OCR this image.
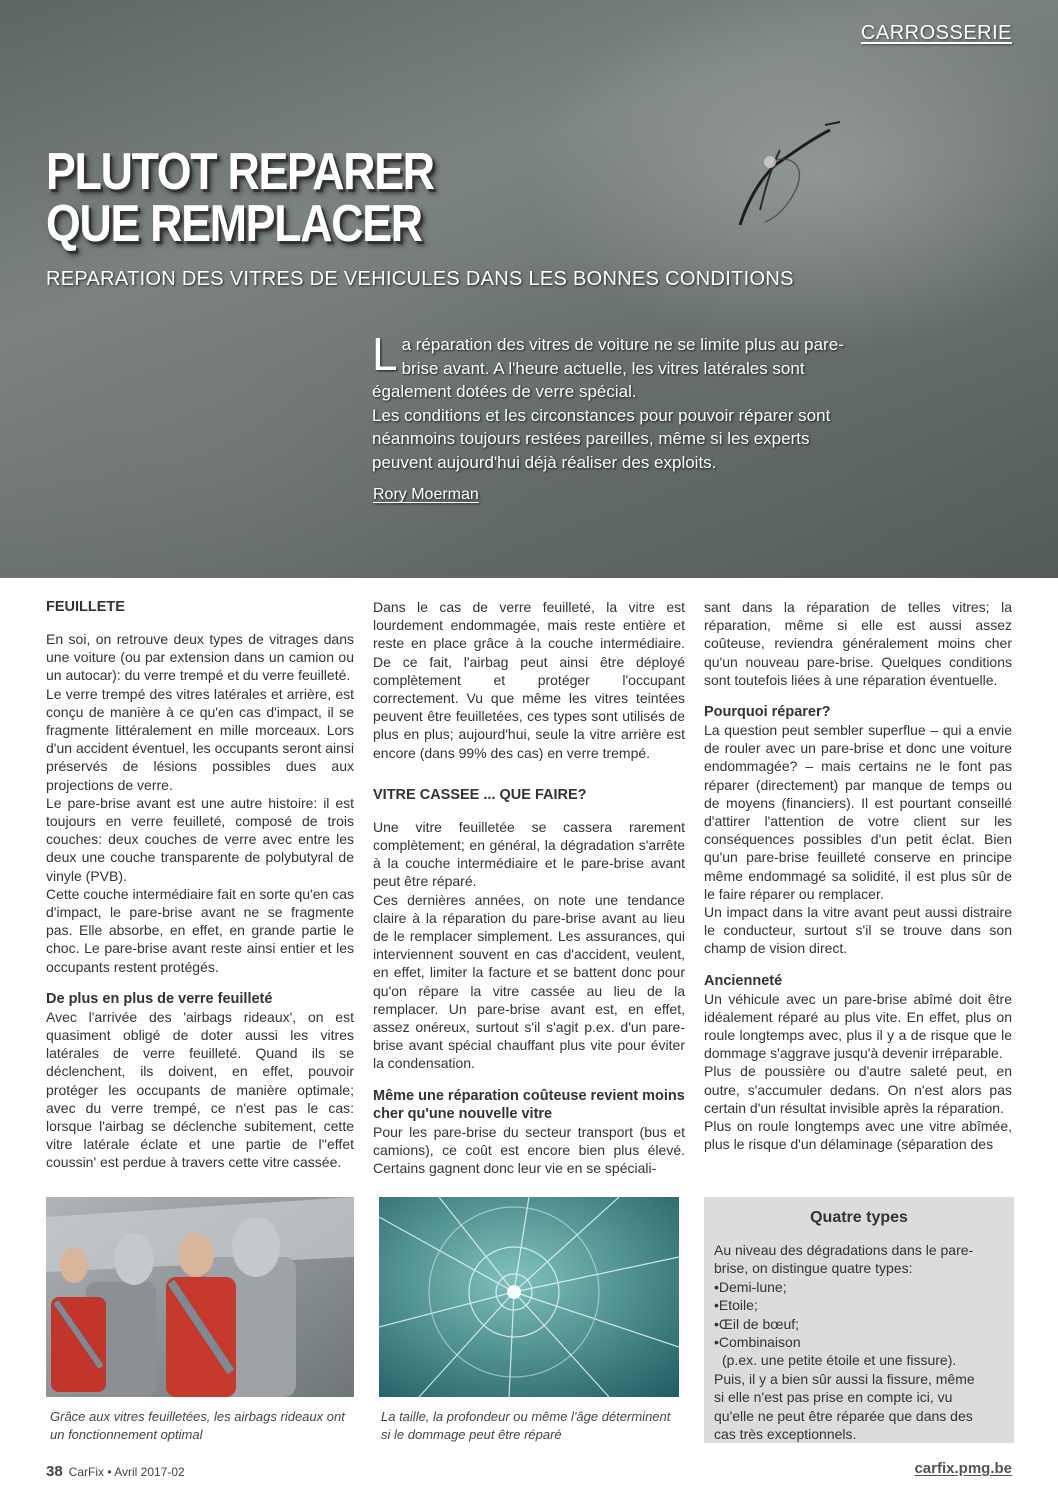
CARROSSERIE
PLUTOT REPARER
QUE REMPLACER
REPARATION DES VITRES DE VEHICULES DANS LES BONNES CONDITIONS
L a réparation des vitres de voiture ne se limite plus au pare-brise avant. A l'heure actuelle, les vitres latérales sont également dotées de verre spécial.

Les conditions et les circonstances pour pouvoir réparer sont néanmoins toujours restées pareilles, même si les experts peuvent aujourd'hui déjà réaliser des exploits.

Rory Moerman
FEUILLETE

En soi, on retrouve deux types de vitrages dans une voiture (ou par extension dans un camion ou un autocar): du verre trempé et du verre feuilleté.

Le verre trempé des vitres latérales et arrière, est conçu de manière à ce qu'en cas d'impact, il se fragmente littéralement en mille morceaux. Lors d'un accident éventuel, les occupants seront ainsi préservés de lésions possibles dues aux projections de verre.

Le pare-brise avant est une autre histoire: il est toujours en verre feuilleté, composé de trois couches: deux couches de verre avec entre les deux une couche transparente de polybutyral de vinyle (PVB).

Cette couche intermédiaire fait en sorte qu'en cas d'impact, le pare-brise avant ne se fragmente pas. Elle absorbe, en effet, en grande partie le choc. Le pare-brise avant reste ainsi entier et les occupants restent protégés.

De plus en plus de verre feuilleté

Avec l'arrivée des 'airbags rideaux', on est quasiment obligé de doter aussi les vitres latérales de verre feuilleté. Quand ils se déclenchent, ils doivent, en effet, pouvoir protéger les occupants de manière optimale; avec du verre trempé, ce n'est pas le cas: lorsque l'airbag se déclenche subitement, cette vitre latérale éclate et une partie de l''effet coussin' est perdue à travers cette vitre cassée.

Dans le cas de verre feuilleté, la vitre est lourdement endommagée, mais reste entière et reste en place grâce à la couche intermédiaire. De ce fait, l'airbag peut ainsi être déployé complètement et protéger l'occupant correctement. Vu que même les vitres teintées peuvent être feuilletées, ces types sont utilisés de plus en plus; aujourd'hui, seule la vitre arrière est encore (dans 99% des cas) en verre trempé.

VITRE CASSEE ... QUE FAIRE?

Une vitre feuilletée se cassera rarement complètement; en général, la dégradation s'arrête à la couche intermédiaire et le pare-brise avant peut être réparé.

Ces dernières années, on note une tendance claire à la réparation du pare-brise avant au lieu de le remplacer simplement. Les assurances, qui interviennent souvent en cas d'accident, veulent, en effet, limiter la facture et se battent donc pour qu'on répare la vitre cassée au lieu de la remplacer. Un pare-brise avant est, en effet, assez onéreux, surtout s'il s'agit p.ex. d'un pare-brise avant spécial chauffant plus vite pour éviter la condensation.

Même une réparation coûteuse revient moins cher qu'une nouvelle vitre

Pour les pare-brise du secteur transport (bus et camions), ce coût est encore bien plus élevé. Certains gagnent donc leur vie en se spéciali-

sant dans la réparation de telles vitres; la réparation, même si elle est aussi assez coûteuse, reviendra généralement moins cher qu'un nouveau pare-brise. Quelques conditions sont toutefois liées à une réparation éventuelle.

Pourquoi réparer?

La question peut sembler superflue – qui a envie de rouler avec un pare-brise et donc une voiture endommagée? – mais certains ne le font pas réparer (directement) par manque de temps ou de moyens (financiers). Il est pourtant conseillé d'attirer l'attention de votre client sur les conséquences possibles d'un petit éclat. Bien qu'un pare-brise feuilleté conserve en principe même endommagé sa solidité, il est plus sûr de le faire réparer ou remplacer.

Un impact dans la vitre avant peut aussi distraire le conducteur, surtout s'il se trouve dans son champ de vision direct.

Ancienneté

Un véhicule avec un pare-brise abîmé doit être idéalement réparé au plus vite. En effet, plus on roule longtemps avec, plus il y a de risque que le dommage s'aggrave jusqu'à devenir irréparable.

Plus de poussière ou d'autre saleté peut, en outre, s'accumuler dedans. On n'est alors pas certain d'un résultat invisible après la réparation.

Plus on roule longtemps avec une vitre abîmée, plus le risque d'un délaminage (séparation des

Grâce aux vitres feuilletées, les airbags rideaux ont un fonctionnement optimal
La taille, la profondeur ou même l'âge déterminent si le dommage peut être réparé
Quatre types

Au niveau des dégradations dans le pare-brise, on distingue quatre types:

• Demi-lune;
• Etoile;
• Œil de bœuf;
• Combinaison

(p.ex. une petite étoile et une fissure).

Puis, il y a bien sûr aussi la fissure, même si elle n'est pas prise en compte ici, vu qu'elle ne peut être réparée que dans des cas très exceptionnels.

38 CarFix • Avril 2017-02	carfix.pmg.be
